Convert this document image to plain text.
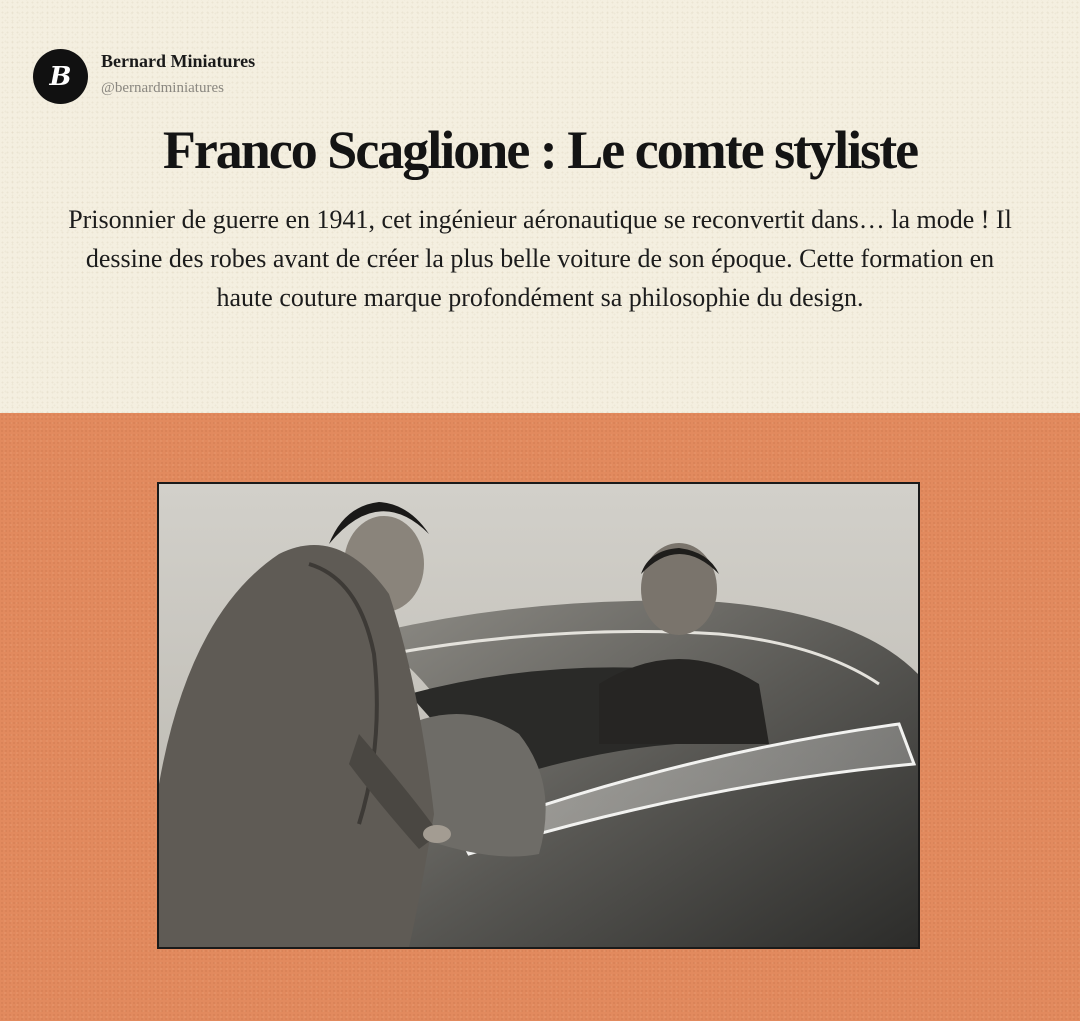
B
Bernard Miniatures
@bernardminiatures
Franco Scaglione : Le comte styliste

Prisonnier de guerre en 1941, cet ingénieur aéronautique se reconvertit dans… la mode ! Il dessine des robes avant de créer la plus belle voiture de son époque. Cette formation en haute couture marque profondément sa philosophie du design.
